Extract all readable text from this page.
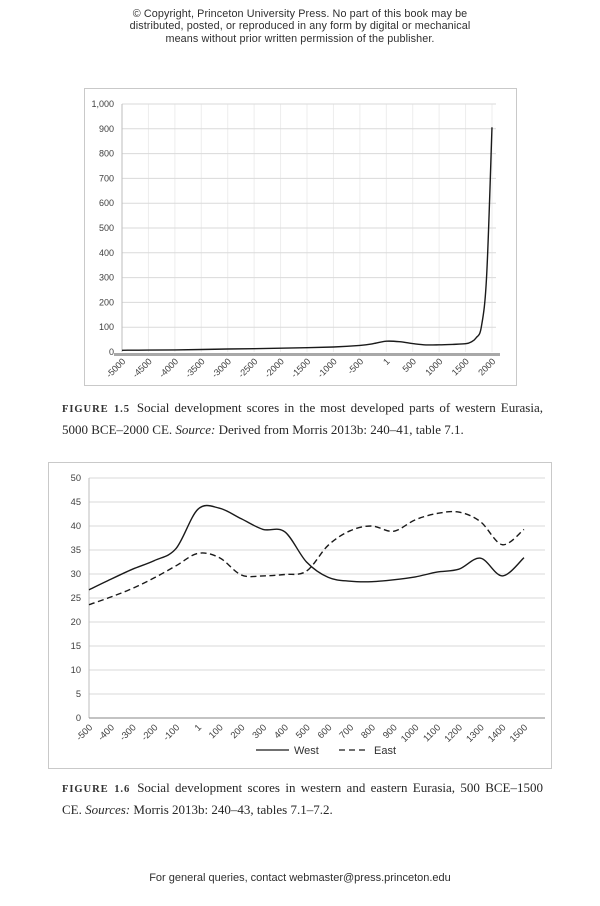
© Copyright, Princeton University Press. No part of this book may be
distributed, posted, or reproduced in any form by digital or mechanical
means without prior written permission of the publisher.
0
100
200
300
400
500
600
700
800
900
1,000
-5000 -4500 -4000 -3500 -3000 -2500 -2000 -1500 -1000 -500 1 500 1000 1500 2000

FIGURE 1.5 Social development scores in the most developed parts of western Eurasia, 5000 BCE–2000 CE. Source: Derived from Morris 2013b: 240–41, table 7.1.

0
5
10
15
20
25
30
35
40
45
50
-500 -400 -300 -200 -100 1 100 200 300 400 500 600 700 800 900 1000 1100 1200 1300 1400 1500
West	East

FIGURE 1.6 Social development scores in western and eastern Eurasia, 500 BCE–1500 CE. Sources: Morris 2013b: 240–43, tables 7.1–7.2.

For general queries, contact webmaster@press.princeton.edu
